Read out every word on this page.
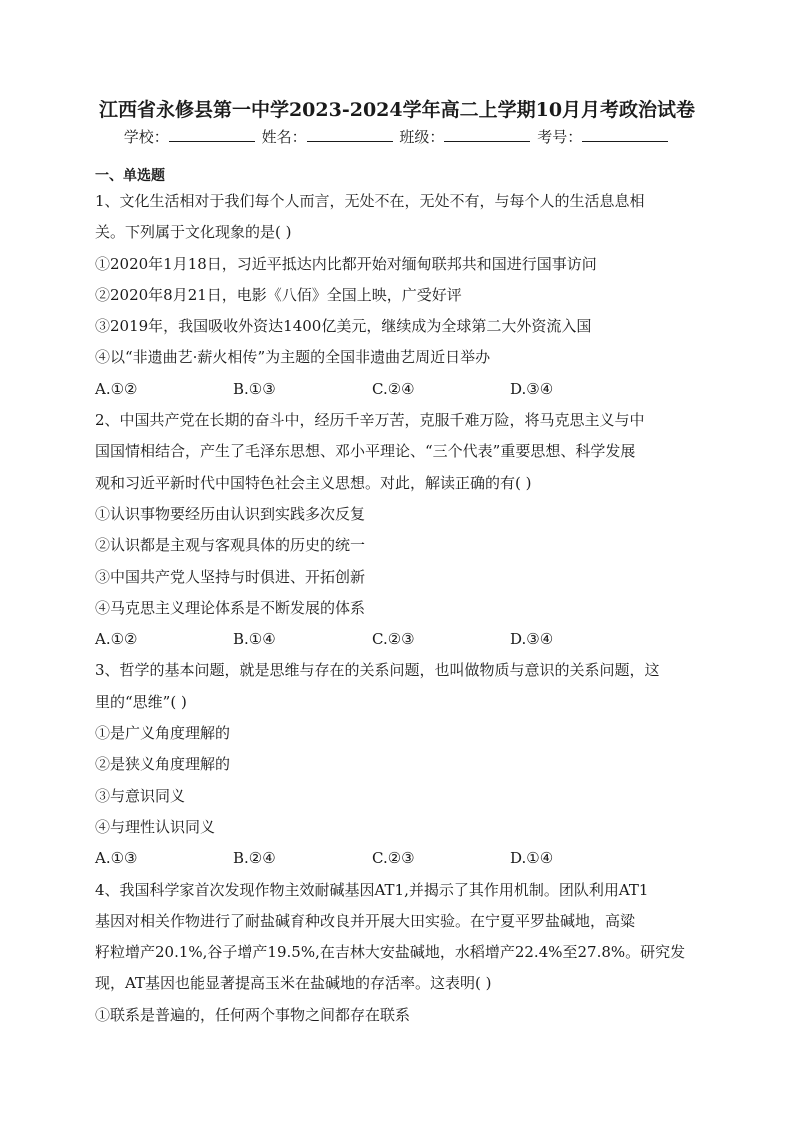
江西省永修县第一中学2023-2024学年高二上学期10月月考政治试卷
学校：	姓名：	班级：	考号：
一、单选题
1、文化生活相对于我们每个人而言，无处不在，无处不有，与每个人的生活息息相
关。下列属于文化现象的是( )
①2020年1月18日，习近平抵达内比都开始对缅甸联邦共和国进行国事访问
②2020年8月21日，电影《八佰》全国上映，广受好评
③2019年，我国吸收外资达1400亿美元，继续成为全球第二大外资流入国
④以“非遗曲艺·薪火相传”为主题的全国非遗曲艺周近日举办
A.①②	B.①③	C.②④	D.③④
2、中国共产党在长期的奋斗中，经历千辛万苦，克服千难万险，将马克思主义与中
国国情相结合，产生了毛泽东思想、邓小平理论、“三个代表”重要思想、科学发展
观和习近平新时代中国特色社会主义思想。对此，解读正确的有( )
①认识事物要经历由认识到实践多次反复
②认识都是主观与客观具体的历史的统一
③中国共产党人坚持与时俱进、开拓创新
④马克思主义理论体系是不断发展的体系
A.①②	B.①④	C.②③	D.③④
3、哲学的基本问题，就是思维与存在的关系问题，也叫做物质与意识的关系问题，这
里的“思维”( )
①是广义角度理解的
②是狭义角度理解的
③与意识同义
④与理性认识同义
A.①③	B.②④	C.②③	D.①④
4、我国科学家首次发现作物主效耐碱基因AT1,并揭示了其作用机制。团队利用AT1
基因对相关作物进行了耐盐碱育种改良并开展大田实验。在宁夏平罗盐碱地，高粱
籽粒增产20.1%,谷子增产19.5%,在吉林大安盐碱地，水稻增产22.4%至27.8%。研究发
现，AT基因也能显著提高玉米在盐碱地的存活率。这表明( )
①联系是普遍的，任何两个事物之间都存在联系
